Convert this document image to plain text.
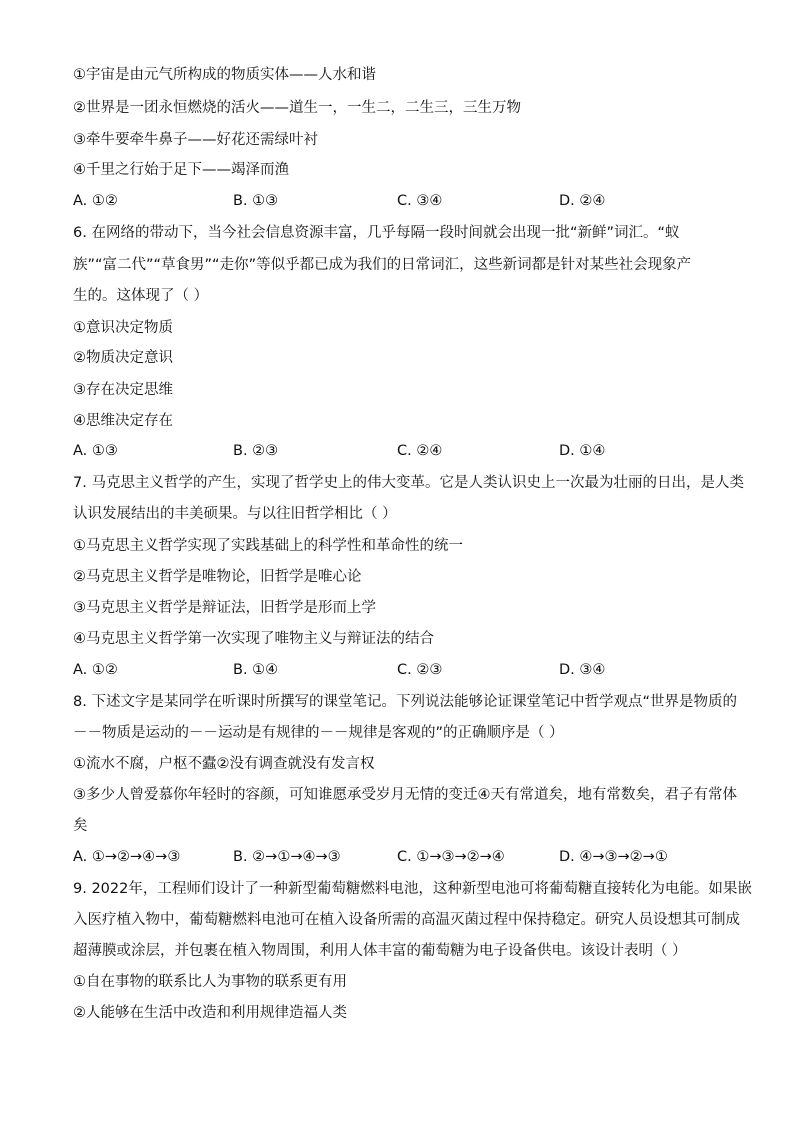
①宇宙是由元气所构成的物质实体——人水和谐
②世界是一团永恒燃烧的活火——道生一，一生二，二生三，三生万物
③牵牛要牵牛鼻子——好花还需绿叶衬
④千里之行始于足下——竭泽而渔
A. ①②	B. ①③	C. ③④	D. ②④
6. 在网络的带动下，当今社会信息资源丰富，几乎每隔一段时间就会出现一批“新鲜”词汇。“蚁
族”“富二代”“草食男”“走你”等似乎都已成为我们的日常词汇，这些新词都是针对某些社会现象产
生的。这体现了（ ）
①意识决定物质
②物质决定意识
③存在决定思维
④思维决定存在
A. ①③	B. ②③	C. ②④	D. ①④
7. 马克思主义哲学的产生，实现了哲学史上的伟大变革。它是人类认识史上一次最为壮丽的日出，是人类
认识发展结出的丰美硕果。与以往旧哲学相比（ ）
①马克思主义哲学实现了实践基础上的科学性和革命性的统一
②马克思主义哲学是唯物论，旧哲学是唯心论
③马克思主义哲学是辩证法，旧哲学是形而上学
④马克思主义哲学第一次实现了唯物主义与辩证法的结合
A. ①②	B. ①④	C. ②③	D. ③④
8. 下述文字是某同学在听课时所撰写的课堂笔记。下列说法能够论证课堂笔记中哲学观点“世界是物质的
－－物质是运动的－－运动是有规律的－－规律是客观的”的正确顺序是（ ）
①流水不腐，户枢不蠹②没有调查就没有发言权
③多少人曾爱慕你年轻时的容颜，可知谁愿承受岁月无情的变迁④天有常道矣，地有常数矣，君子有常体
矣
A. ①→②→④→③	B. ②→①→④→③	C. ①→③→②→④	D. ④→③→②→①
9. 2022年，工程师们设计了一种新型葡萄糖燃料电池，这种新型电池可将葡萄糖直接转化为电能。如果嵌
入医疗植入物中，葡萄糖燃料电池可在植入设备所需的高温灭菌过程中保持稳定。研究人员设想其可制成
超薄膜或涂层，并包裹在植入物周围，利用人体丰富的葡萄糖为电子设备供电。该设计表明（ ）
①自在事物的联系比人为事物的联系更有用
②人能够在生活中改造和利用规律造福人类
